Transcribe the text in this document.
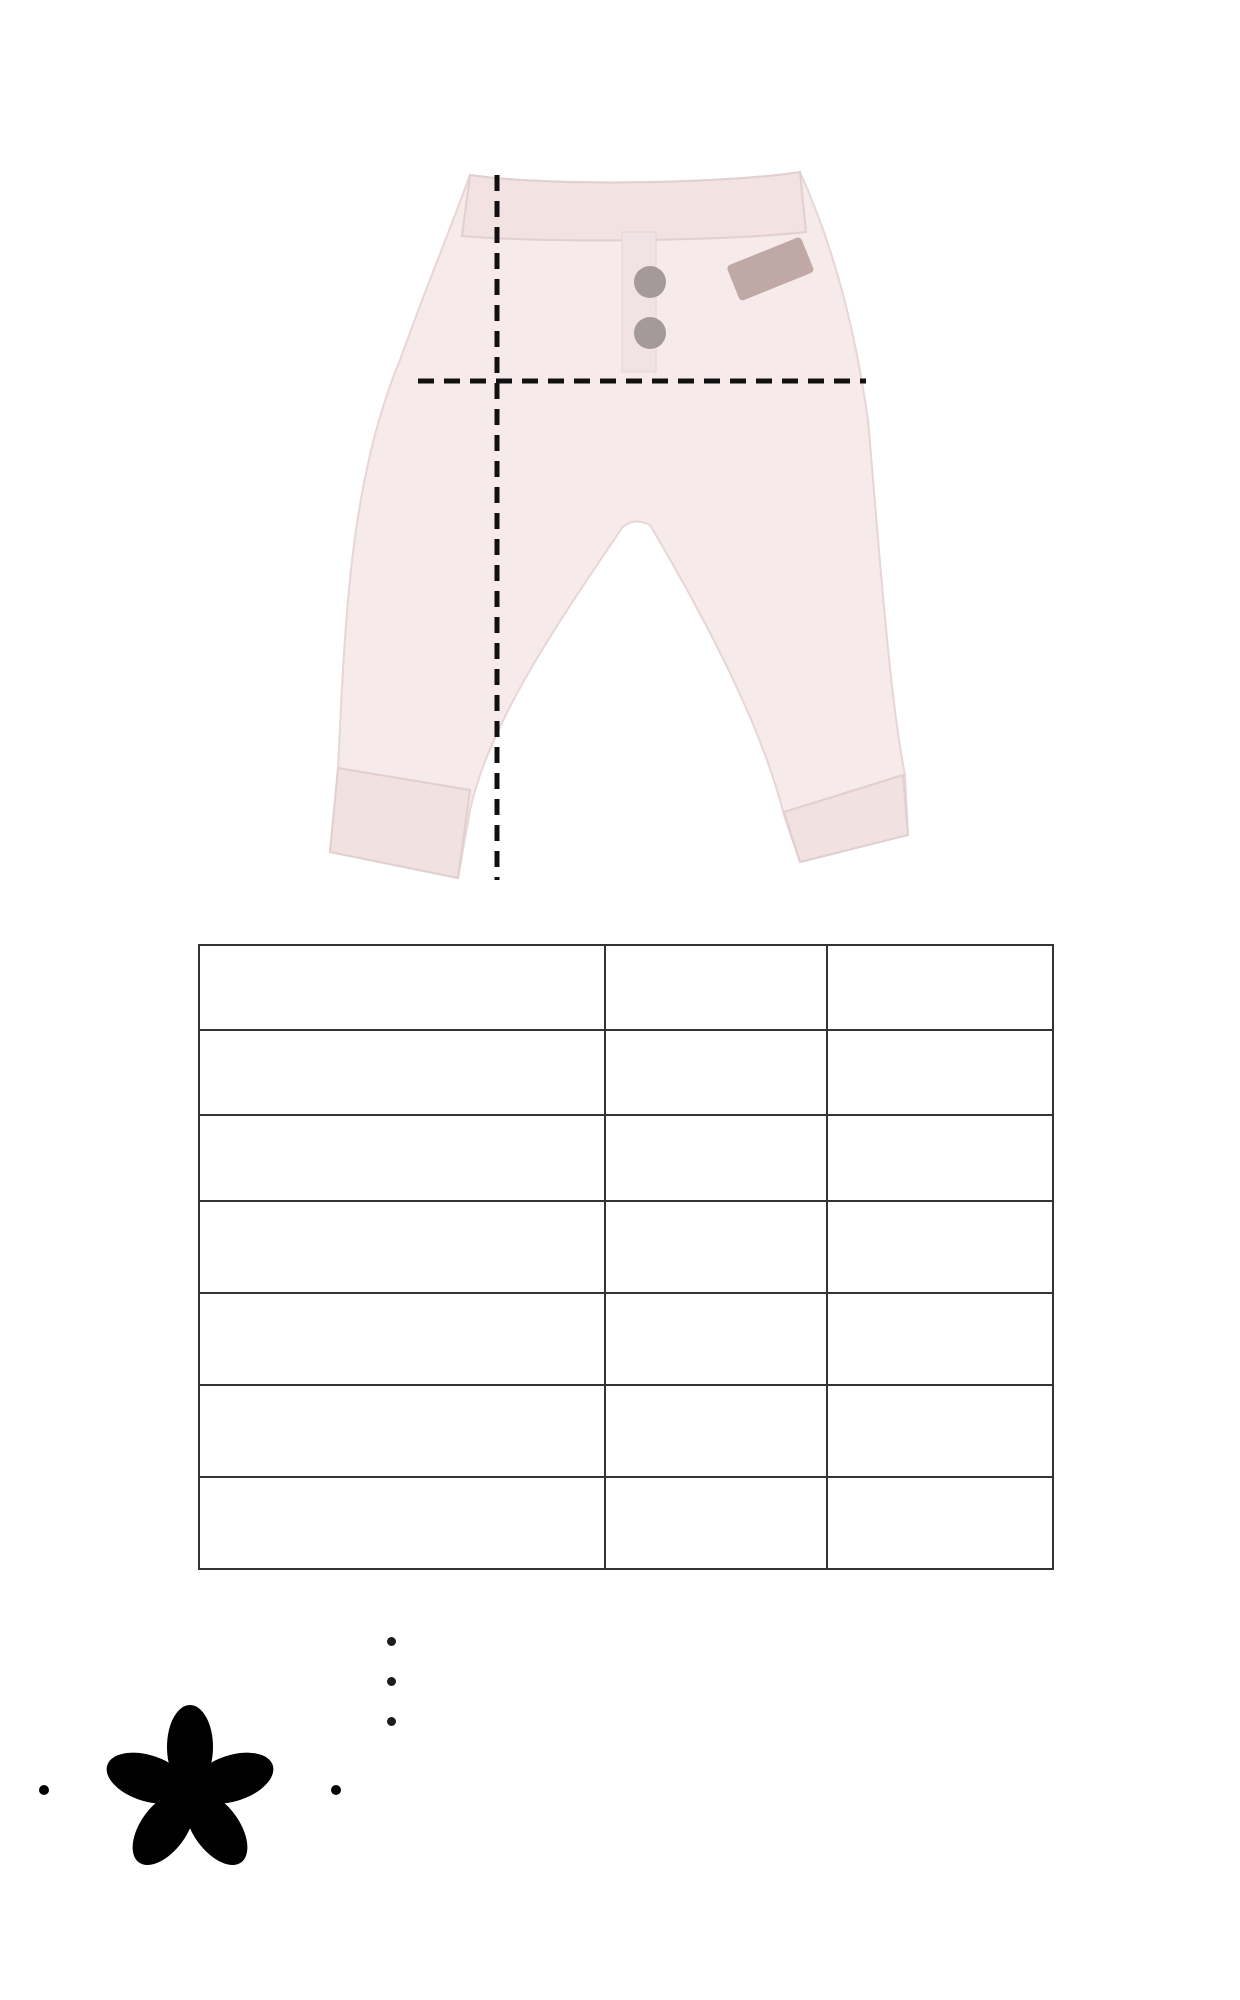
•
•
•
